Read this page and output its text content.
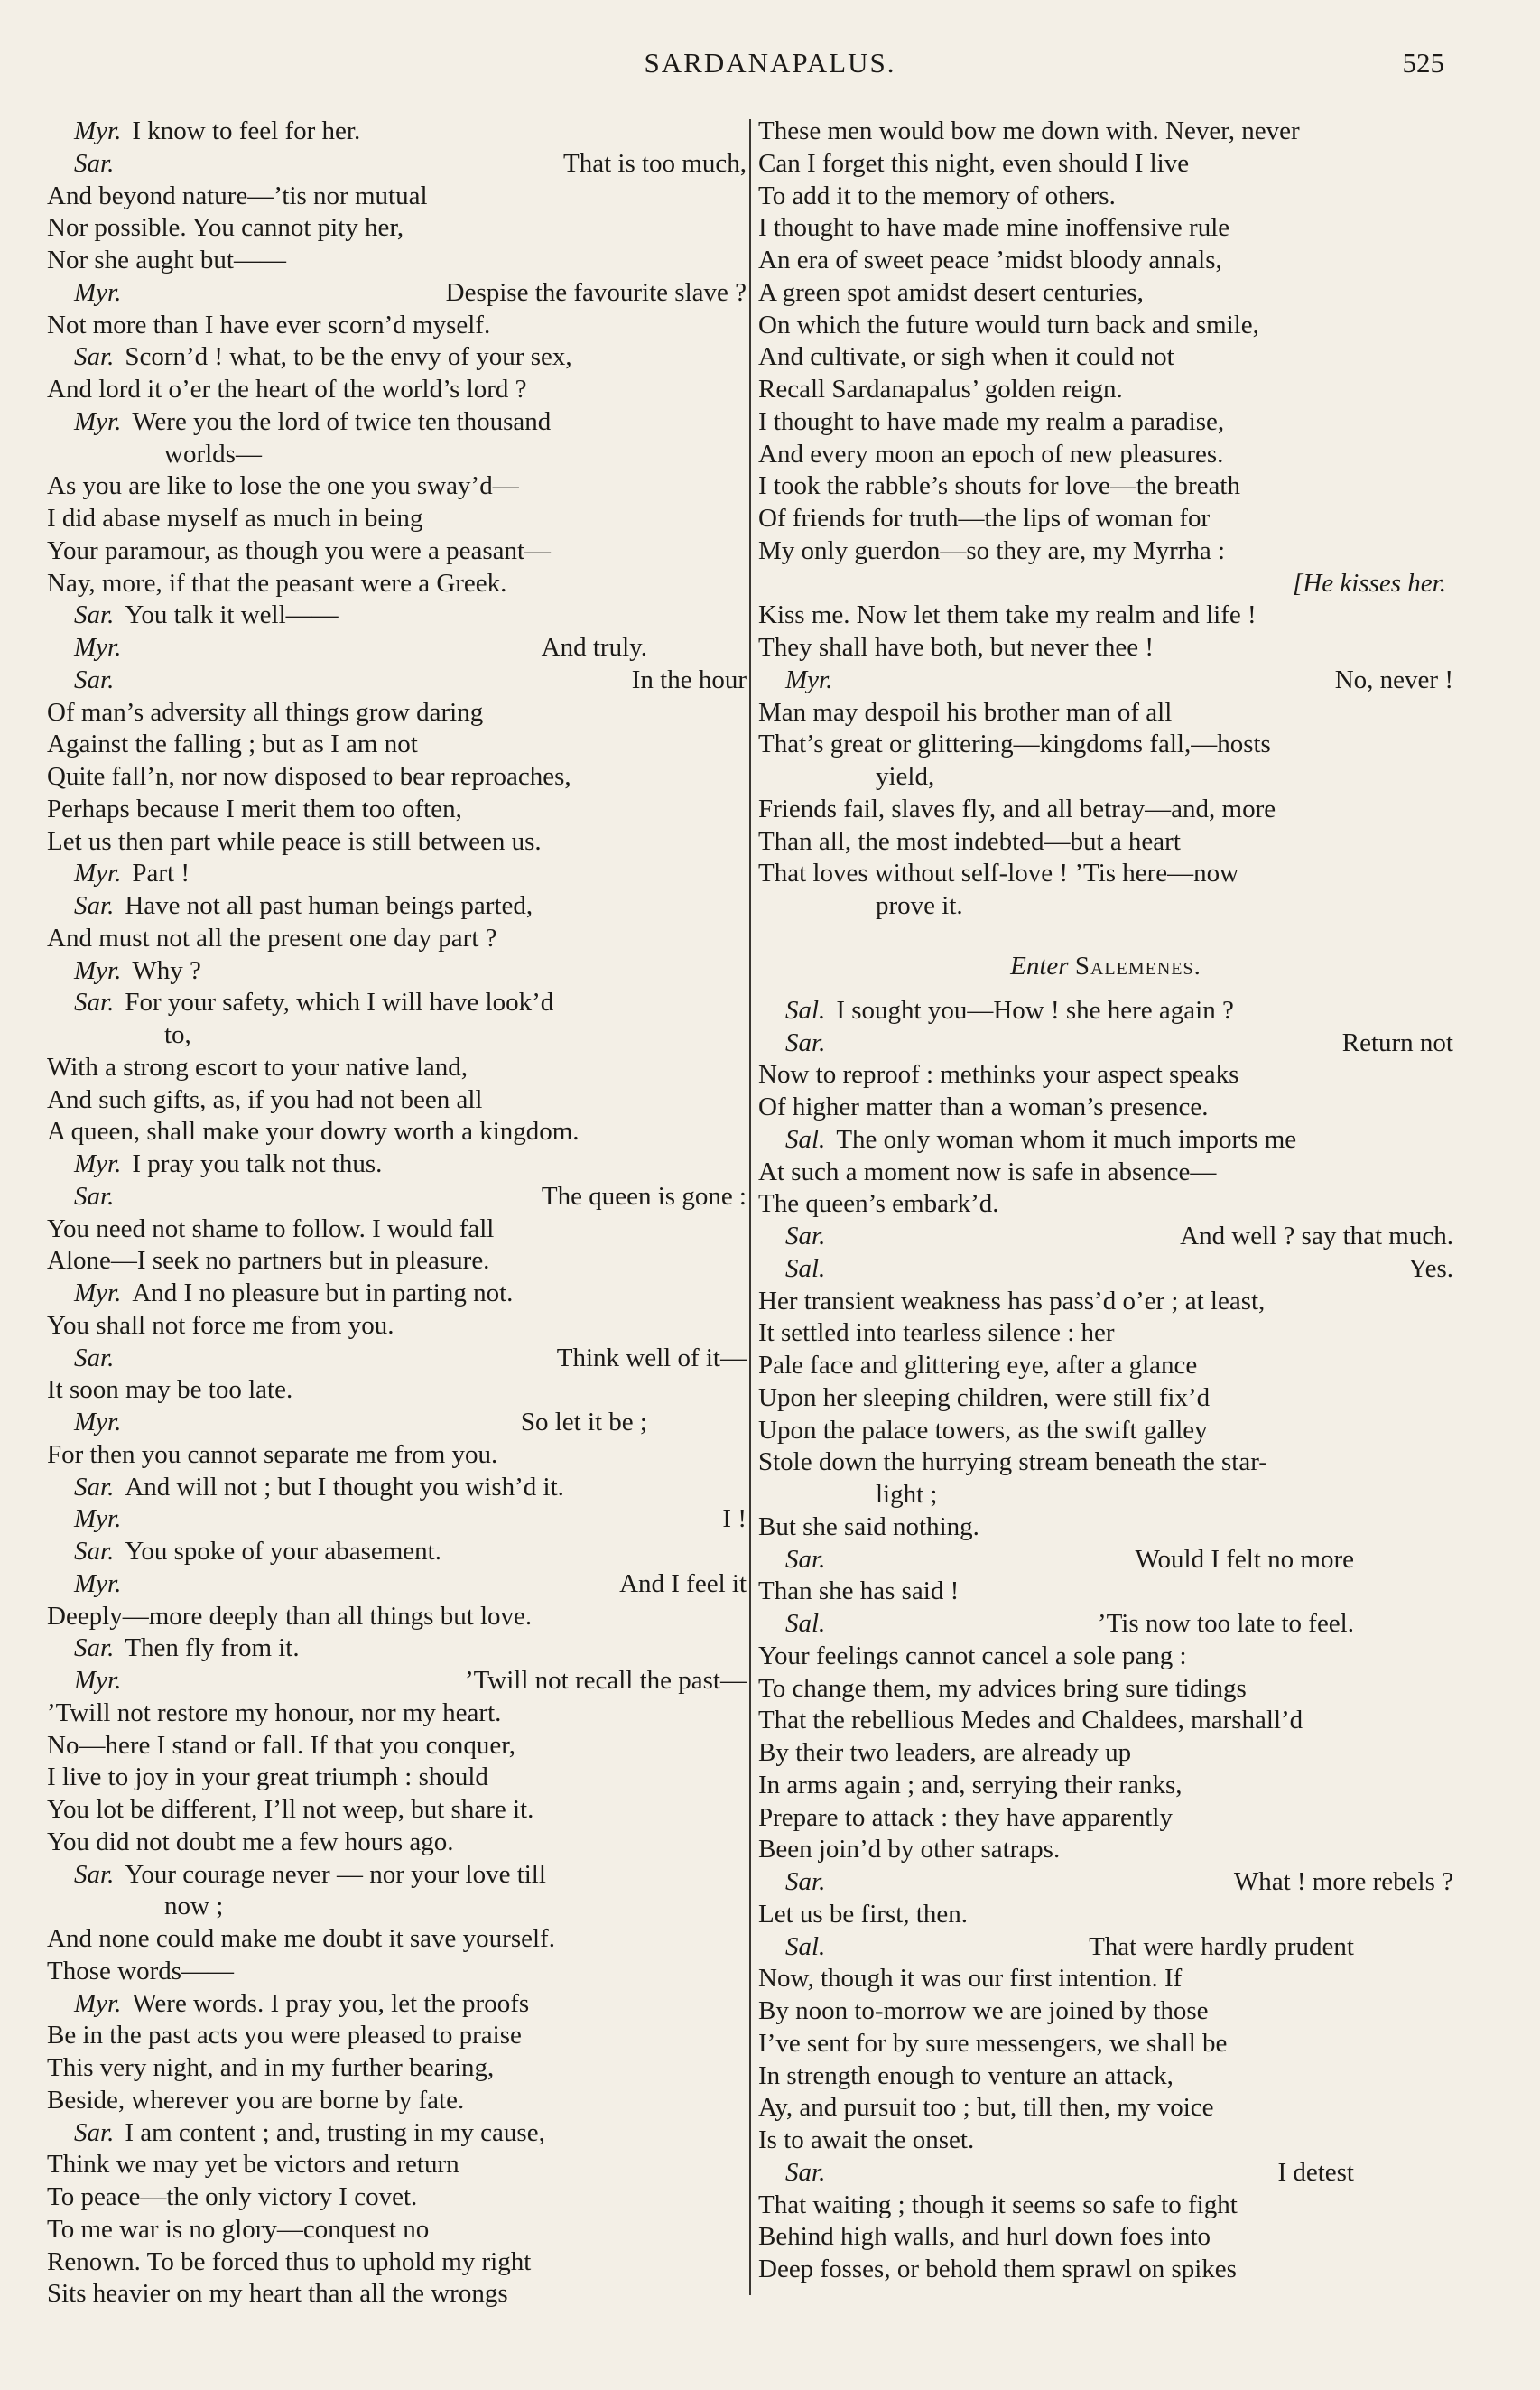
SARDANAPALUS.	525
Myr. I know to feel for her.
Sar.	That is too much,
And beyond nature—’tis nor mutual
Nor possible. You cannot pity her,
Nor she aught but——
Myr.	Despise the favourite slave ?
Not more than I have ever scorn’d myself.
Sar. Scorn’d ! what, to be the envy of your sex,
And lord it o’er the heart of the world’s lord ?
Myr. Were you the lord of twice ten thousand
worlds—
As you are like to lose the one you sway’d—
I did abase myself as much in being
Your paramour, as though you were a peasant—
Nay, more, if that the peasant were a Greek.
Sar. You talk it well——
Myr.	And truly.
Sar.	In the hour
Of man’s adversity all things grow daring
Against the falling ; but as I am not
Quite fall’n, nor now disposed to bear reproaches,
Perhaps because I merit them too often,
Let us then part while peace is still between us.
Myr. Part !
Sar. Have not all past human beings parted,
And must not all the present one day part ?
Myr. Why ?
Sar. For your safety, which I will have look’d
to,
With a strong escort to your native land,
And such gifts, as, if you had not been all
A queen, shall make your dowry worth a kingdom.
Myr. I pray you talk not thus.
Sar.	The queen is gone :
You need not shame to follow. I would fall
Alone—I seek no partners but in pleasure.
Myr. And I no pleasure but in parting not.
You shall not force me from you.
Sar.	Think well of it—
It soon may be too late.
Myr.	So let it be ;
For then you cannot separate me from you.
Sar. And will not ; but I thought you wish’d it.
Myr.	I !
Sar. You spoke of your abasement.
Myr.	And I feel it
Deeply—more deeply than all things but love.
Sar. Then fly from it.
Myr.	’Twill not recall the past—
’Twill not restore my honour, nor my heart.
No—here I stand or fall. If that you conquer,
I live to joy in your great triumph : should
You lot be different, I’ll not weep, but share it.
You did not doubt me a few hours ago.
Sar. Your courage never — nor your love till
now ;
And none could make me doubt it save yourself.
Those words——
Myr. Were words. I pray you, let the proofs
Be in the past acts you were pleased to praise
This very night, and in my further bearing,
Beside, wherever you are borne by fate.
Sar. I am content ; and, trusting in my cause,
Think we may yet be victors and return
To peace—the only victory I covet.
To me war is no glory—conquest no
Renown. To be forced thus to uphold my right
Sits heavier on my heart than all the wrongs
These men would bow me down with. Never, never
Can I forget this night, even should I live
To add it to the memory of others.
I thought to have made mine inoffensive rule
An era of sweet peace ’midst bloody annals,
A green spot amidst desert centuries,
On which the future would turn back and smile,
And cultivate, or sigh when it could not
Recall Sardanapalus’ golden reign.
I thought to have made my realm a paradise,
And every moon an epoch of new pleasures.
I took the rabble’s shouts for love—the breath
Of friends for truth—the lips of woman for
My only guerdon—so they are, my Myrrha :
[He kisses her.
Kiss me. Now let them take my realm and life !
They shall have both, but never thee !
Myr.	No, never !
Man may despoil his brother man of all
That’s great or glittering—kingdoms fall,—hosts
yield,
Friends fail, slaves fly, and all betray—and, more
Than all, the most indebted—but a heart
That loves without self-love ! ’Tis here—now
prove it.
Enter Salemenes.
Sal. I sought you—How ! she here again ?
Sar.	Return not
Now to reproof : methinks your aspect speaks
Of higher matter than a woman’s presence.
Sal. The only woman whom it much imports me
At such a moment now is safe in absence—
The queen’s embark’d.
Sar.	And well ? say that much.
Sal.	Yes.
Her transient weakness has pass’d o’er ; at least,
It settled into tearless silence : her
Pale face and glittering eye, after a glance
Upon her sleeping children, were still fix’d
Upon the palace towers, as the swift galley
Stole down the hurrying stream beneath the star-
light ;
But she said nothing.
Sar.	Would I felt no more
Than she has said !
Sal.	’Tis now too late to feel.
Your feelings cannot cancel a sole pang :
To change them, my advices bring sure tidings
That the rebellious Medes and Chaldees, marshall’d
By their two leaders, are already up
In arms again ; and, serrying their ranks,
Prepare to attack : they have apparently
Been join’d by other satraps.
Sar.	What ! more rebels ?
Let us be first, then.
Sal.	That were hardly prudent
Now, though it was our first intention. If
By noon to-morrow we are joined by those
I’ve sent for by sure messengers, we shall be
In strength enough to venture an attack,
Ay, and pursuit too ; but, till then, my voice
Is to await the onset.
Sar.	I detest
That waiting ; though it seems so safe to fight
Behind high walls, and hurl down foes into
Deep fosses, or behold them sprawl on spikes
